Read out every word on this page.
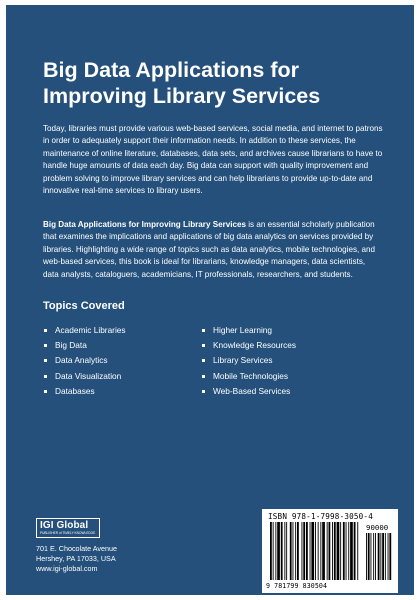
Big Data Applications for
Improving Library Services

Today, libraries must provide various web-based services, social media, and internet to patrons in order to adequately support their information needs. In addition to these services, the maintenance of online literature, databases, data sets, and archives cause librarians to have to handle huge amounts of data each day. Big data can support with quality improvement and problem solving to improve library services and can help librarians to provide up-to-date and innovative real-time services to library users.

Big Data Applications for Improving Library Services is an essential scholarly publication that examines the implications and applications of big data analytics on services provided by libraries. Highlighting a wide range of topics such as data analytics, mobile technologies, and web-based services, this book is ideal for librarians, knowledge managers, data scientists, data analysts, cataloguers, academicians, IT professionals, researchers, and students.

Topics Covered
Academic Libraries
Big Data
Data Analytics
Data Visualization
Databases
Higher Learning
Knowledge Resources
Library Services
Mobile Technologies
Web-Based Services
IGI Global
PUBLISHER of TIMELY KNOWLEDGE
701 E. Chocolate Avenue
Hershey, PA 17033, USA
www.igi-global.com
ISBN 978-1-7998-3050-4
90000
9 781799 830504
